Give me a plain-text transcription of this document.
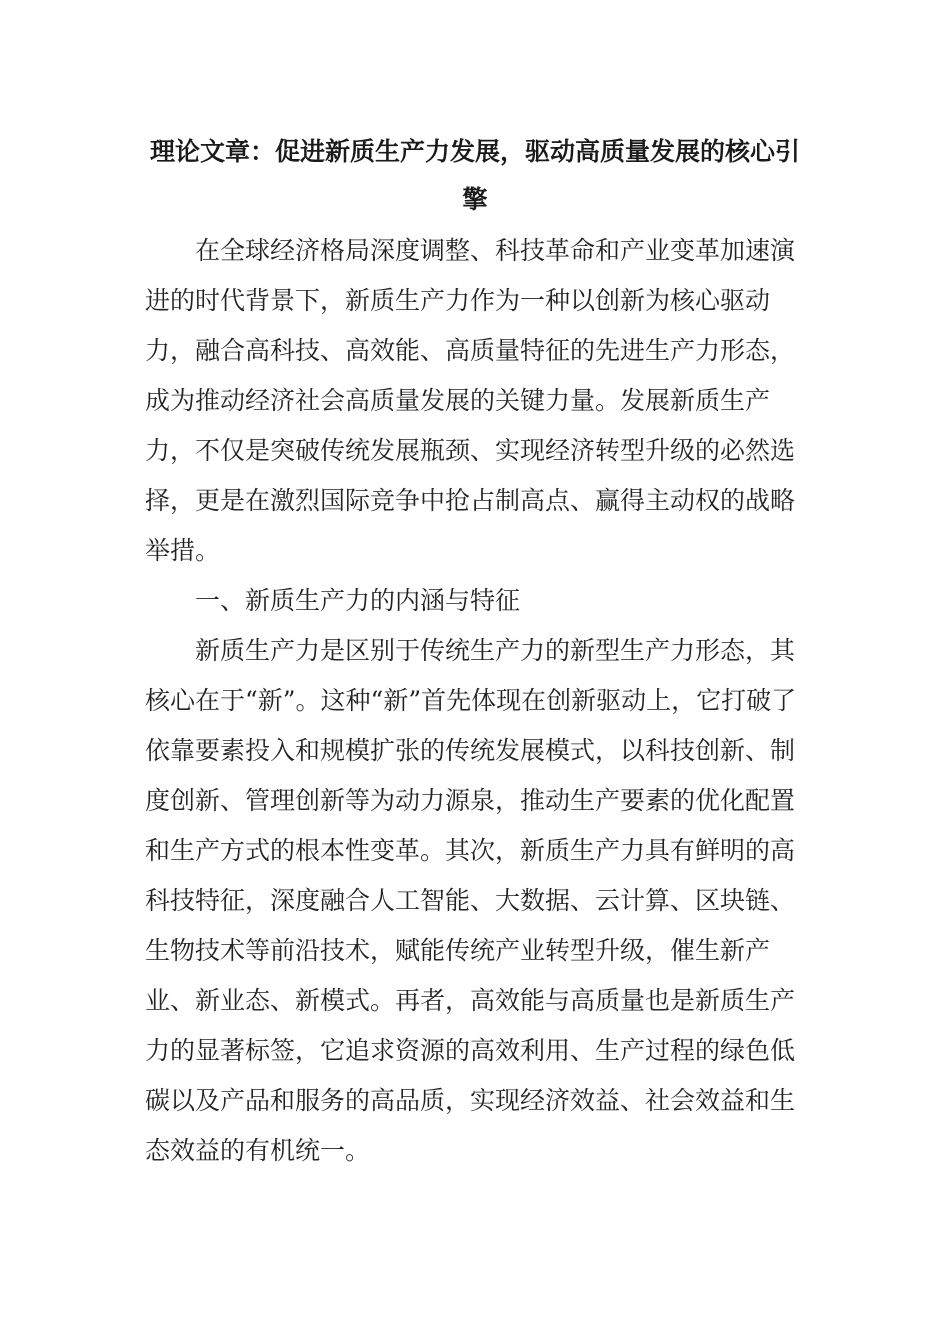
理论文章：促进新质生产力发展，驱动高质量发展的核心引擎

在全球经济格局深度调整、科技革命和产业变革加速演进的时代背景下，新质生产力作为一种以创新为核心驱动力，融合高科技、高效能、高质量特征的先进生产力形态，成为推动经济社会高质量发展的关键力量。发展新质生产力，不仅是突破传统发展瓶颈、实现经济转型升级的必然选择，更是在激烈国际竞争中抢占制高点、赢得主动权的战略举措。

一、新质生产力的内涵与特征

新质生产力是区别于传统生产力的新型生产力形态，其核心在于“新”。这种“新”首先体现在创新驱动上，它打破了依靠要素投入和规模扩张的传统发展模式，以科技创新、制度创新、管理创新等为动力源泉，推动生产要素的优化配置和生产方式的根本性变革。其次，新质生产力具有鲜明的高科技特征，深度融合人工智能、大数据、云计算、区块链、生物技术等前沿技术，赋能传统产业转型升级，催生新产业、新业态、新模式。再者，高效能与高质量也是新质生产力的显著标签，它追求资源的高效利用、生产过程的绿色低碳以及产品和服务的高品质，实现经济效益、社会效益和生态效益的有机统一。
